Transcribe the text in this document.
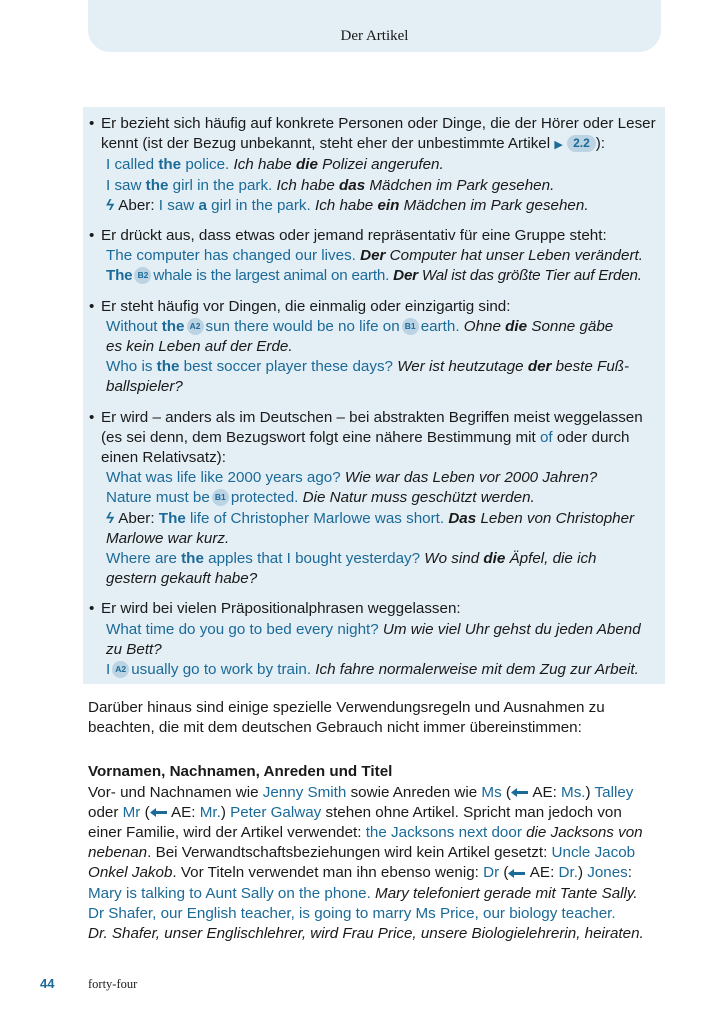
Der Artikel
• Er bezieht sich häufig auf konkrete Personen oder Dinge, die der Hörer oder Leser
kennt (ist der Bezug unbekannt, steht eher der unbestimmte Artikel ▶ 2.2 ):
I called the police. Ich habe die Polizei angerufen.
I saw the girl in the park. Ich habe das Mädchen im Park gesehen.
ϟ Aber: I saw a girl in the park. Ich habe ein Mädchen im Park gesehen.
• Er drückt aus, dass etwas oder jemand repräsentativ für eine Gruppe steht:
The computer has changed our lives. Der Computer hat unser Leben verändert.
The B2 whale is the largest animal on earth. Der Wal ist das größte Tier auf Erden.
• Er steht häufig vor Dingen, die einmalig oder einzigartig sind:
Without the A2 sun there would be no life on B1 earth. Ohne die Sonne gäbe
es kein Leben auf der Erde.
Who is the best soccer player these days? Wer ist heutzutage der beste Fuß-
ballspieler?
• Er wird – anders als im Deutschen – bei abstrakten Begriffen meist weggelassen
(es sei denn, dem Bezugswort folgt eine nähere Bestimmung mit of oder durch
einen Relativsatz):
What was life like 2000 years ago? Wie war das Leben vor 2000 Jahren?
Nature must be B1 protected. Die Natur muss geschützt werden.
ϟ Aber: The life of Christopher Marlowe was short. Das Leben von Christopher
Marlowe war kurz.
Where are the apples that I bought yesterday? Wo sind die Äpfel, die ich
gestern gekauft habe?
• Er wird bei vielen Präpositionalphrasen weggelassen:
What time do you go to bed every night? Um wie viel Uhr gehst du jeden Abend
zu Bett?
I A2 usually go to work by train. Ich fahre normalerweise mit dem Zug zur Arbeit.

Darüber hinaus sind einige spezielle Verwendungsregeln und Ausnahmen zu
beachten, die mit dem deutschen Gebrauch nicht immer übereinstimmen:

Vornamen, Nachnamen, Anreden und Titel

Vor- und Nachnamen wie Jenny Smith sowie Anreden wie Ms ( AE: Ms.) Talley
oder Mr ( AE: Mr.) Peter Galway stehen ohne Artikel. Spricht man jedoch von
einer Familie, wird der Artikel verwendet: the Jacksons next door die Jacksons von
nebenan. Bei Verwandtschaftsbeziehungen wird kein Artikel gesetzt: Uncle Jacob
Onkel Jakob. Vor Titeln verwendet man ihn ebenso wenig: Dr ( AE: Dr.) Jones:
Mary is talking to Aunt Sally on the phone. Mary telefoniert gerade mit Tante Sally.
Dr Shafer, our English teacher, is going to marry Ms Price, our biology teacher.
Dr. Shafer, unser Englischlehrer, wird Frau Price, unsere Biologielehrerin, heiraten.

44	forty-four
